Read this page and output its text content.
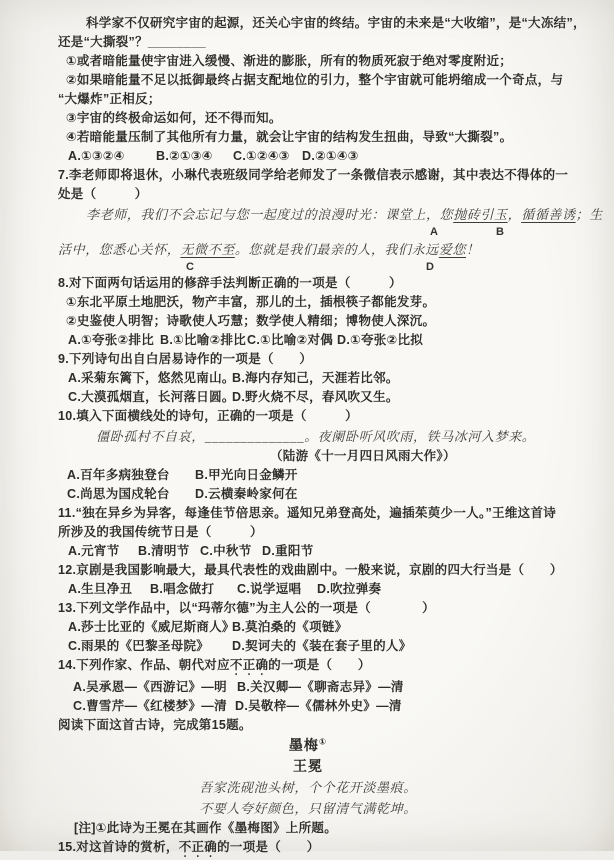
科学家不仅研究宇宙的起源，还关心宇宙的终结。宇宙的未来是“大收缩”，是“大冻结”，
还是“大撕裂”？________
①或者暗能量使宇宙进入缓慢、渐进的膨胀，所有的物质死寂于绝对零度附近；
②如果暗能量不足以抵御最终占据支配地位的引力，整个宇宙就可能坍缩成一个奇点，与
“大爆炸”正相反；
③宇宙的终极命运如何，还不得而知。
④若暗能量压制了其他所有力量，就会让宇宙的结构发生扭曲，导致“大撕裂”。
A.①③②④	B.②①③④ C.①②④③ D.②①④③
7.李老师即将退休，小琳代表班级同学给老师发了一条微信表示感谢，其中表达不得体的一
处是（　　　）
李老师，我们不会忘记与您一起度过的浪漫时光：课堂上，您抛砖引玉，循循善诱；生
A	B
活中，您悉心关怀，无微不至。您就是我们最亲的人，我们永远爱您！
C	D
8.对下面两句话运用的修辞手法判断正确的一项是（　　　）
①东北平原土地肥沃，物产丰富，那儿的土，插根筷子都能发芽。
②史鉴使人明智；诗歌使人巧慧；数学使人精细；博物使人深沉。
A.①夸张②排比 B.①比喻②排比 C.①比喻②对偶 D.①夸张②比拟
9.下列诗句出自白居易诗作的一项是（　　）
A.采菊东篱下，悠然见南山。
B.海内存知己，天涯若比邻。
C.大漠孤烟直，长河落日圆。
D.野火烧不尽，春风吹又生。
10.填入下面横线处的诗句，正确的一项是（　　　）
僵卧孤村不自哀，______________。夜阑卧听风吹雨，铁马冰河入梦来。
（陆游《十一月四日风雨大作》）
A.百年多病独登台 B.甲光向日金鳞开
C.尚思为国戍轮台 D.云横秦岭家何在
11.“独在异乡为异客，每逢佳节倍思亲。遥知兄弟登高处，遍插茱萸少一人。”王维这首诗
所涉及的我国传统节日是（　　　）
A.元宵节 B.清明节 C.中秋节 D.重阳节
12.京剧是我国影响最大，最具代表性的戏曲剧中。一般来说，京剧的四大行当是（　　）
A.生旦净丑 B.唱念做打 C.说学逗唱 D.吹拉弹奏
13.下列文学作品中，以“玛蒂尔德”为主人公的一项是（　　　　）
A.莎士比亚的《威尼斯商人》
B.莫泊桑的《项链》
C.雨果的《巴黎圣母院》 D.契诃夫的《装在套子里的人》
14.下列作家、作品、朝代对应不正确的一项是（　　）
A.吴承恩—《西游记》—明 B.关汉卿—《聊斋志异》—清
C.曹雪芹—《红楼梦》—清 D.吴敬梓—《儒林外史》—清
阅读下面这首古诗，完成第15题。
墨梅①
王冕
吾家洗砚池头树，个个花开淡墨痕。
不要人夸好颜色，只留清气满乾坤。
[注]①此诗为王冕在其画作《墨梅图》上所题。
15.对这首诗的赏析，不正确的一项是（　　）
